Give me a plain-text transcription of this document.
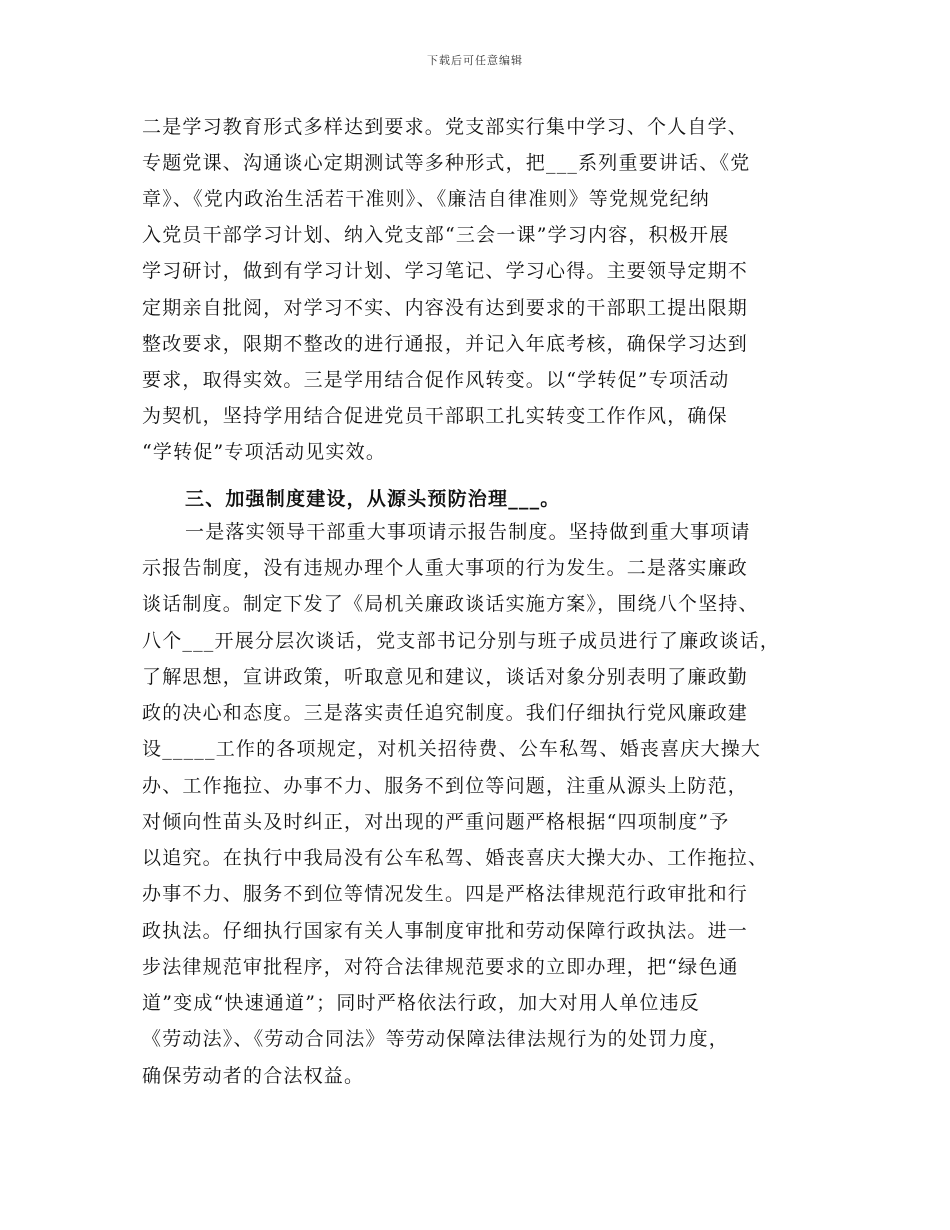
下载后可任意编辑
二是学习教育形式多样达到要求。党支部实行集中学习、个人自学、
专题党课、沟通谈心定期测试等多种形式，把___系列重要讲话、《党
章》、《党内政治生活若干准则》、《廉洁自律准则》等党规党纪纳
入党员干部学习计划、纳入党支部“三会一课”学习内容，积极开展
学习研讨，做到有学习计划、学习笔记、学习心得。主要领导定期不
定期亲自批阅，对学习不实、内容没有达到要求的干部职工提出限期
整改要求，限期不整改的进行通报，并记入年底考核，确保学习达到
要求，取得实效。三是学用结合促作风转变。以“学转促”专项活动
为契机，坚持学用结合促进党员干部职工扎实转变工作作风，确保
“学转促”专项活动见实效。
三、加强制度建设，从源头预防治理___。
一是落实领导干部重大事项请示报告制度。坚持做到重大事项请
示报告制度，没有违规办理个人重大事项的行为发生。二是落实廉政
谈话制度。制定下发了《局机关廉政谈话实施方案》，围绕八个坚持、
八个___开展分层次谈话，党支部书记分别与班子成员进行了廉政谈话，
了解思想，宣讲政策，听取意见和建议，谈话对象分别表明了廉政勤
政的决心和态度。三是落实责任追究制度。我们仔细执行党风廉政建
设_____工作的各项规定，对机关招待费、公车私驾、婚丧喜庆大操大
办、工作拖拉、办事不力、服务不到位等问题，注重从源头上防范，
对倾向性苗头及时纠正，对出现的严重问题严格根据“四项制度”予
以追究。在执行中我局没有公车私驾、婚丧喜庆大操大办、工作拖拉、
办事不力、服务不到位等情况发生。四是严格法律规范行政审批和行
政执法。仔细执行国家有关人事制度审批和劳动保障行政执法。进一
步法律规范审批程序，对符合法律规范要求的立即办理，把“绿色通
道”变成“快速通道”；同时严格依法行政，加大对用人单位违反
《劳动法》、《劳动合同法》等劳动保障法律法规行为的处罚力度，
确保劳动者的合法权益。
